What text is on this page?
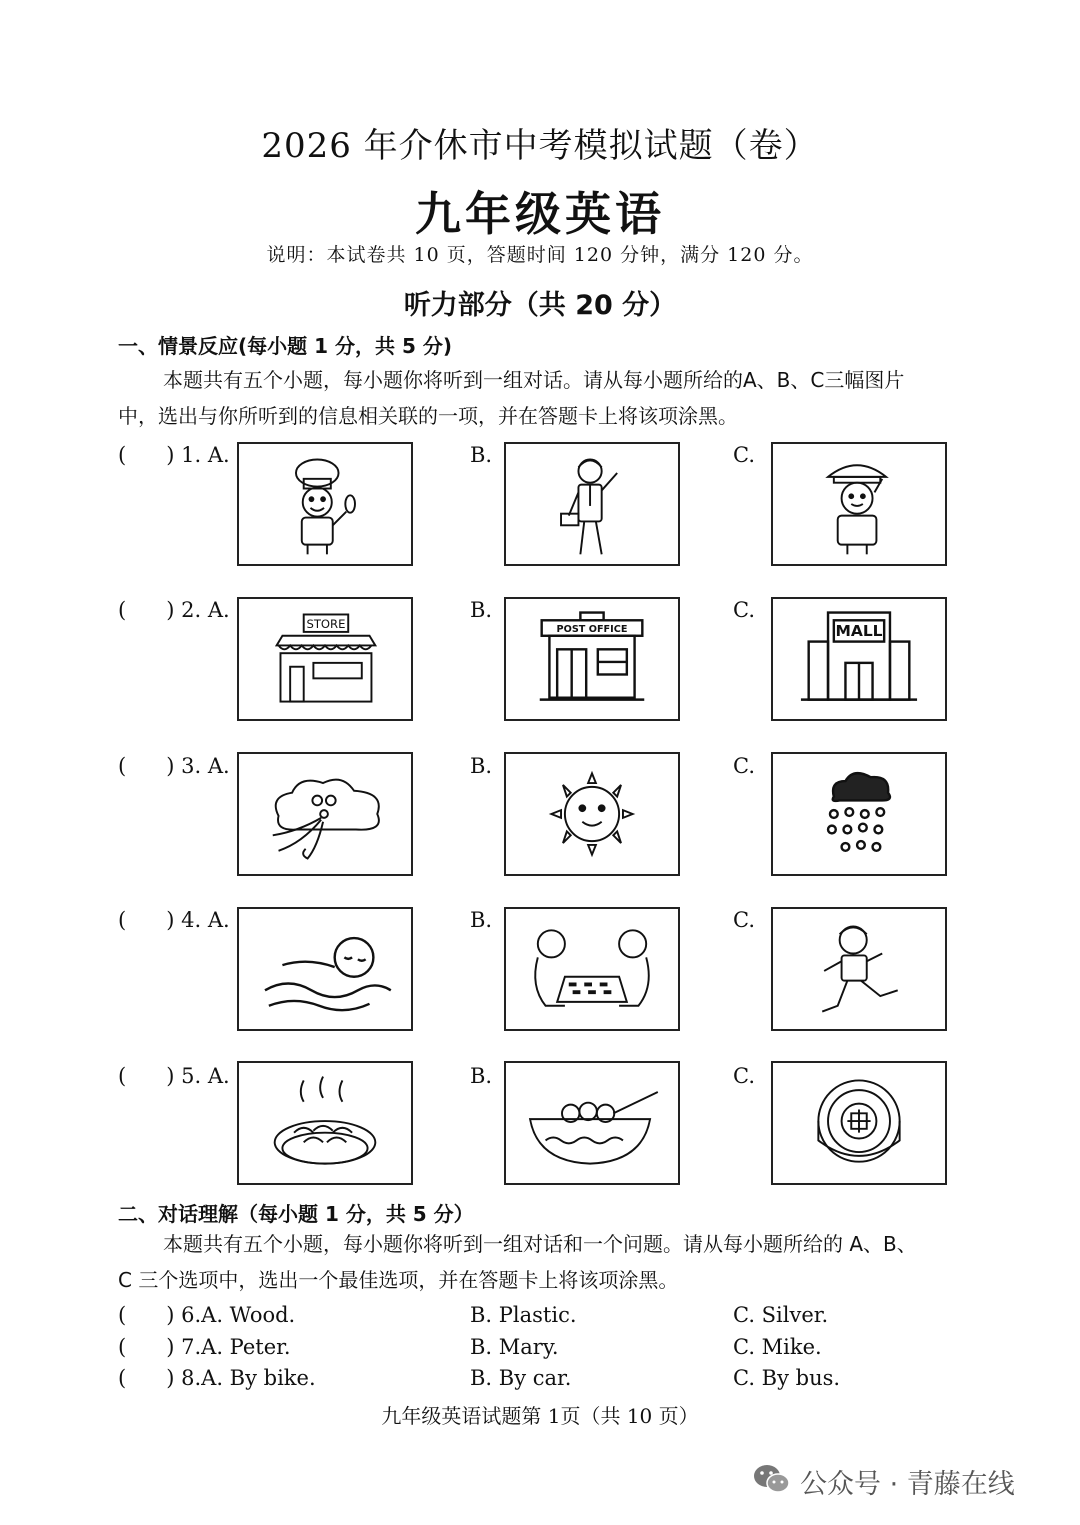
2026 年介休市中考模拟试题（卷）
九年级英语
说明：本试卷共 10 页，答题时间 120 分钟，满分 120 分。
听力部分（共 20 分）
一、情景反应(每小题 1 分，共 5 分)
本题共有五个小题，每小题你将听到一组对话。请从每小题所给的A、B、C三幅图片
中，选出与你所听到的信息相关联的一项，并在答题卡上将该项涂黑。
(      ) 1. A.	B.	C.
(      ) 2. A.	B.	C.
STORE	POST OFFICE	MALL
(      ) 3. A.	B.	C.
(      ) 4. A.	B.	C.
(      ) 5. A.	B.	C.
二、对话理解（每小题 1 分，共 5 分）
本题共有五个小题，每小题你将听到一组对话和一个问题。请从每小题所给的 A、B、
C 三个选项中，选出一个最佳选项，并在答题卡上将该项涂黑。
(      ) 6.A. Wood.	B. Plastic.	C. Silver.
(      ) 7.A. Peter.	B. Mary.	C. Mike.
(      ) 8.A. By bike.	B. By car.	C. By bus.
九年级英语试题第 1页（共 10 页）
公众号 · 青藤在线
